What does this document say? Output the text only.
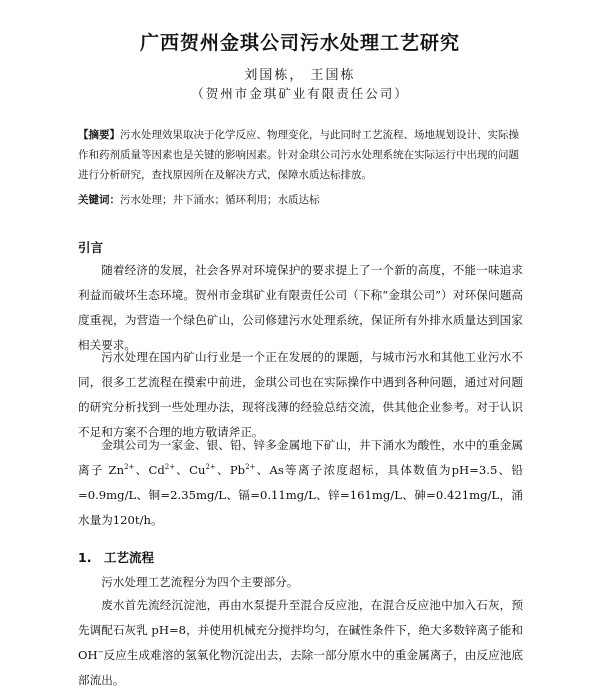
广西贺州金琪公司污水处理工艺研究
刘国栋， 王国栋
（贺州市金琪矿业有限责任公司）

【摘要】污水处理效果取决于化学反应、物理变化，与此同时工艺流程、场地规划设计、实际操作和药剂质量等因素也是关键的影响因素。针对金琪公司污水处理系统在实际运行中出现的问题进行分析研究，查找原因所在及解决方式，保障水质达标排放。

关键词：污水处理；井下涌水；循环利用；水质达标

引言

随着经济的发展，社会各界对环境保护的要求提上了一个新的高度，不能一味追求利益而破坏生态环境。贺州市金琪矿业有限责任公司（下称“金琪公司”）对环保问题高度重视，为营造一个绿色矿山，公司修建污水处理系统，保证所有外排水质量达到国家相关要求。

污水处理在国内矿山行业是一个正在发展的的课题，与城市污水和其他工业污水不同，很多工艺流程在摸索中前进，金琪公司也在实际操作中遇到各种问题，通过对问题的研究分析找到一些处理办法，现将浅薄的经验总结交流，供其他企业参考。对于认识不足和方案不合理的地方敬请斧正。

金琪公司为一家金、银、铅、锌多金属地下矿山，井下涌水为酸性，水中的重金属离子 $Zn^{2+}$、$Cd^{2+}$、$Cu^{2+}$、$Pb^{2+}$、As等离子浓度超标，具体数值为pH=3.5、铅=0.9mg/L、铜=2.35mg/L、镉=0.11mg/L、锌=161mg/L、砷=0.421mg/L，涌水量为120t/h。

1.　工艺流程

污水处理工艺流程分为四个主要部分。

废水首先流经沉淀池，再由水泵提升至混合反应池，在混合反应池中加入石灰，预先调配石灰乳 pH=8，并使用机械充分搅拌均匀，在碱性条件下，绝大多数锌离子能和 OH−反应生成难溶的氢氧化物沉淀出去，去除一部分原水中的重金属离子，由反应池底部流出。
